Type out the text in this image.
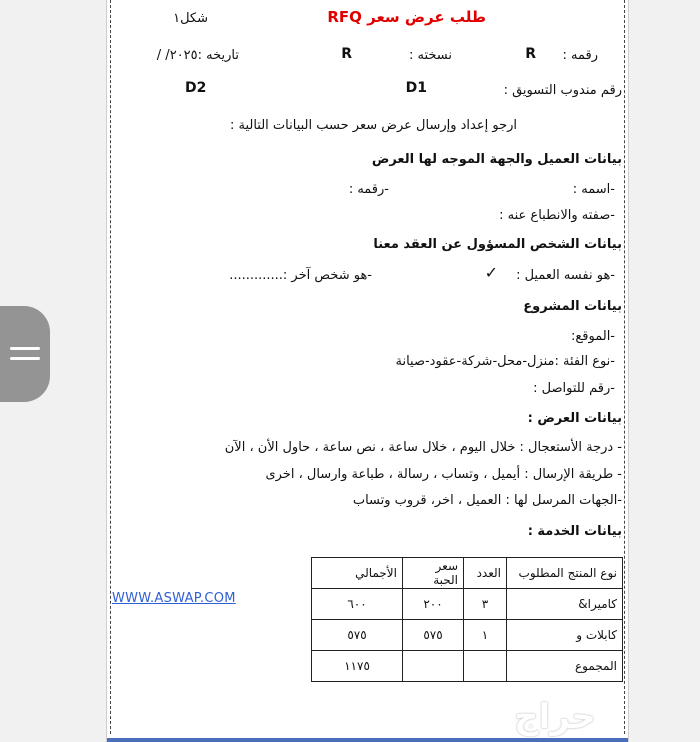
شكل١	RFQ طلب عرض سعر
رقمه :
R
نسخته :
R
تاريخه :٢٠٢٥/ /
رقم مندوب التسويق :
D1
D2
ارجو إعداد وإرسال عرض سعر حسب البيانات التالية :
بيانات العميل والجهة الموجه لها العرض
-اسمه :
-رقمه :
-صفته والانطباع عنه :
بيانات الشخص المسؤول عن العقد معنا
-هو نفسه العميل :
✓
-هو شخص آخر :.............
بيانات المشروع
-الموقع:
-نوع الفئة :منزل-محل-شركة-عقود-صيانة
-رقم للتواصل :
بيانات العرض :
- درجة الأستعجال : خلال اليوم ، خلال ساعة ، نص ساعة ، حاول الأن ، الآن
- طريقة الإرسال : أيميل ، وتساب ، رسالة ، طباعة وارسال ، اخرى
-الجهات المرسل لها : العميل ، اخر، قروب وتساب
بيانات الخدمة :
نوع المنتج المطلوب	العدد	سعر الحبة	الأجمالي
كاميرا&	٣	٢٠٠	٦٠٠
كابلات و	١	٥٧٥	٥٧٥
المجموع			١١٧٥
WWW.ASWAP.COM
حراج
